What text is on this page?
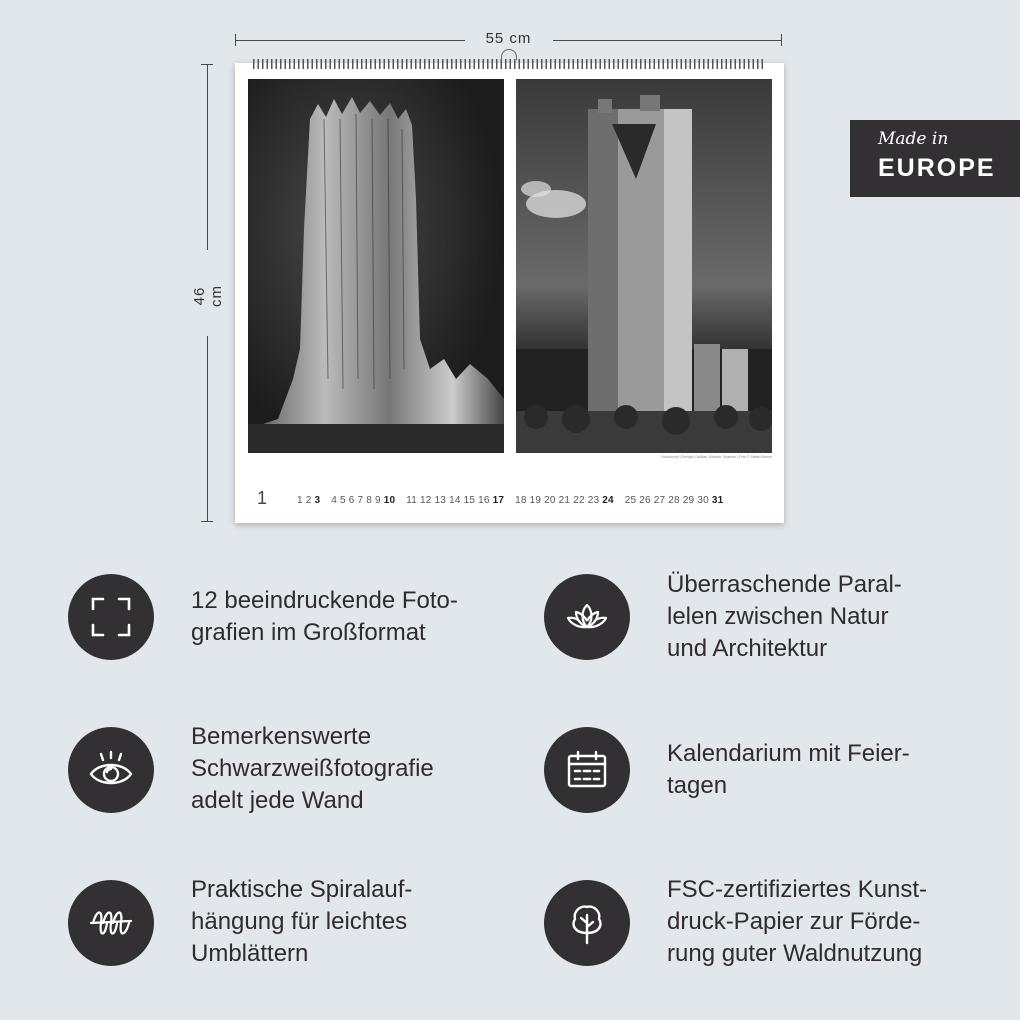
55 cm
46 cm
Holzstumpf | Refugio Cañillas, Alicante, Spanien | Foto © Stefan Bräuer
1	1 2 3 4 5 6 7 8 9 10 11 12 13 14 15 16 17 18 19 20 21 22 23 24 25 26 27 28 29 30 31
Made in
EUROPE
12 beeindruckende Foto-
grafien im Großformat
Überraschende Paral-
lelen zwischen Natur
und Architektur
Bemerkenswerte
Schwarzweißfotografie
adelt jede Wand
Kalendarium mit Feier-
tagen
Praktische Spiralauf-
hängung für leichtes
Umblättern
FSC-zertifiziertes Kunst-
druck-Papier zur Förde-
rung guter Waldnutzung
